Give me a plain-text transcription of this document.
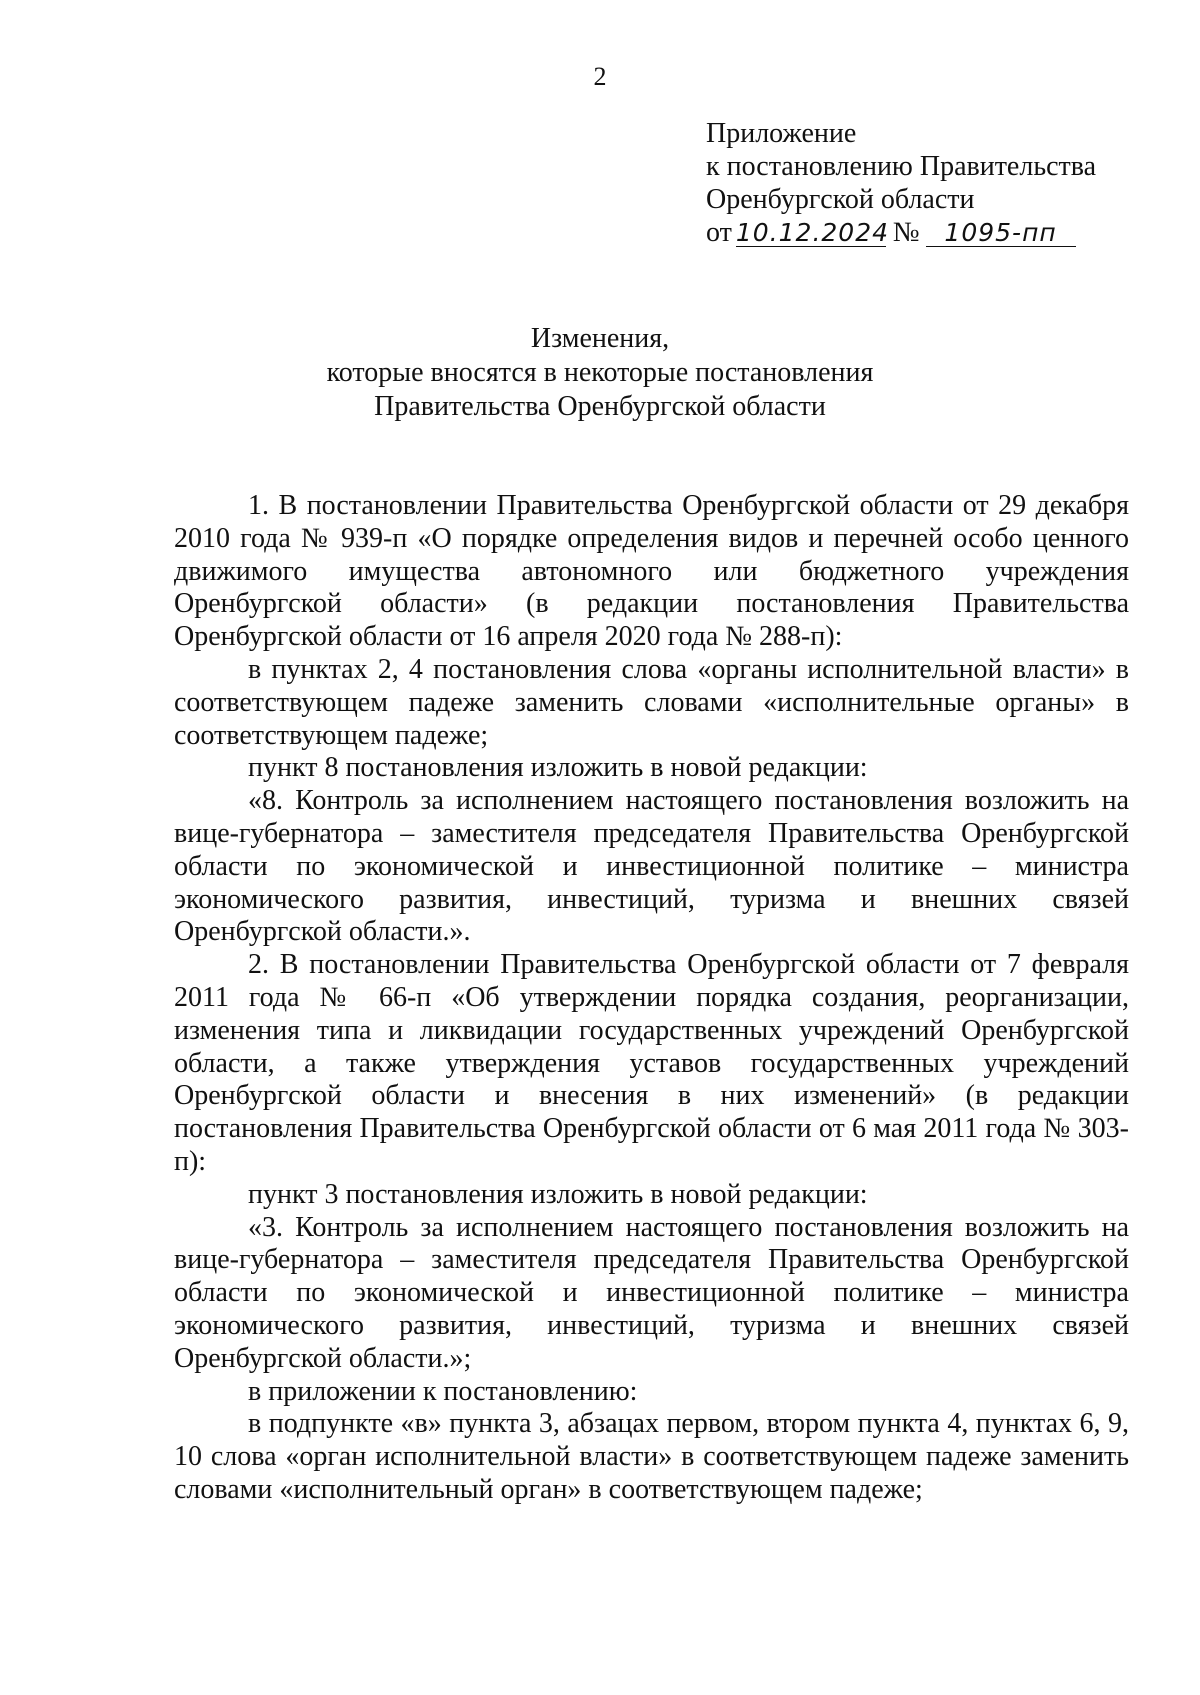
2
Приложение
к постановлению Правительства
Оренбургской области
от 10.12.2024 № 1095-пп
Изменения,
которые вносятся в некоторые постановления
Правительства Оренбургской области

1. В постановлении Правительства Оренбургской области от 29 декабря 2010 года № 939-п «О порядке определения видов и перечней особо ценного движимого имущества автономного или бюджетного учреждения Оренбургской области» (в редакции постановления Правительства Оренбургской области от 16 апреля 2020 года № 288-п):

в пунктах 2, 4 постановления слова «органы исполнительной власти» в соответствующем падеже заменить словами «исполнительные органы» в соответствующем падеже;

пункт 8 постановления изложить в новой редакции:

«8. Контроль за исполнением настоящего постановления возложить на вице-губернатора – заместителя председателя Правительства Оренбургской области по экономической и инвестиционной политике – министра экономического развития, инвестиций, туризма и внешних связей Оренбургской области.».

2. В постановлении Правительства Оренбургской области от 7 февраля 2011 года № 66-п «Об утверждении порядка создания, реорганизации, изменения типа и ликвидации государственных учреждений Оренбургской области, а также утверждения уставов государственных учреждений Оренбургской области и внесения в них изменений» (в редакции постановления Правительства Оренбургской области от 6 мая 2011 года № 303-п):

пункт 3 постановления изложить в новой редакции:

«3. Контроль за исполнением настоящего постановления возложить на вице-губернатора – заместителя председателя Правительства Оренбургской области по экономической и инвестиционной политике – министра экономического развития, инвестиций, туризма и внешних связей Оренбургской области.»;

в приложении к постановлению:

в подпункте «в» пункта 3, абзацах первом, втором пункта 4, пунктах 6, 9, 10 слова «орган исполнительной власти» в соответствующем падеже заменить словами «исполнительный орган» в соответствующем падеже;
